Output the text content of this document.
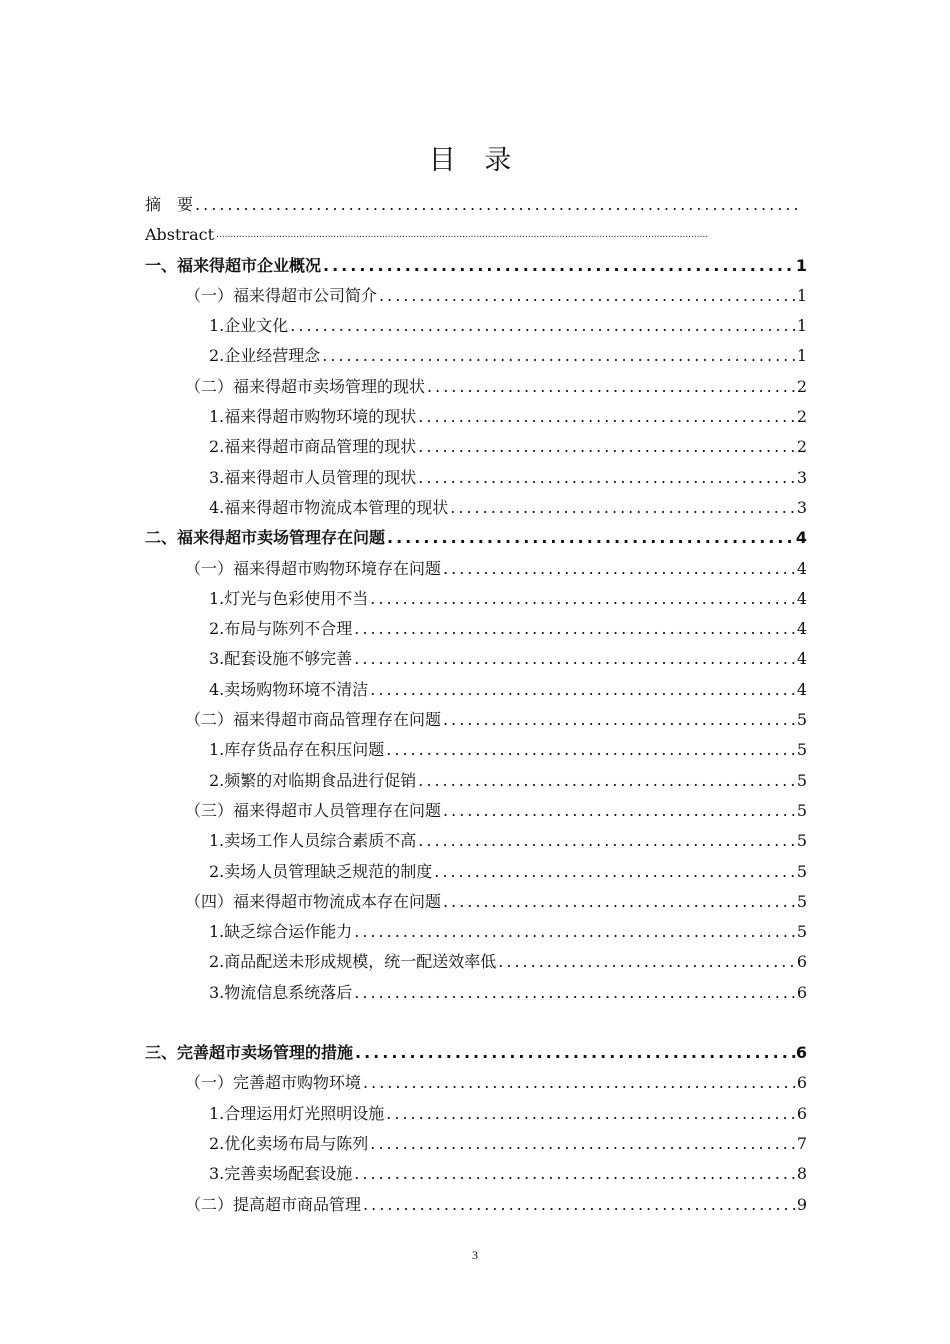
目 录
摘　要
.....
Abstract
.....
一、福来得超市企业概况 .....	1
（一）福来得超市公司简介 .....	1
1.企业文化 .....	1
2.企业经营理念 .....	1
（二）福来得超市卖场管理的现状 .....	2
1.福来得超市购物环境的现状 .....	2
2.福来得超市商品管理的现状 .....	2
3.福来得超市人员管理的现状 .....	3
4.福来得超市物流成本管理的现状 .....	3
二、福来得超市卖场管理存在问题 .....	4
（一）福来得超市购物环境存在问题 .....	4
1.灯光与色彩使用不当 .....	4
2.布局与陈列不合理 .....	4
3.配套设施不够完善 .....	4
4.卖场购物环境不清洁 .....	4
（二）福来得超市商品管理存在问题 .....	5
1.库存货品存在积压问题 .....	5
2.频繁的对临期食品进行促销 .....	5
（三）福来得超市人员管理存在问题 .....	5
1.卖场工作人员综合素质不高 .....	5
2.卖场人员管理缺乏规范的制度 .....	5
（四）福来得超市物流成本存在问题 .....	5
1.缺乏综合运作能力 .....	5
2.商品配送未形成规模，统一配送效率低 .....	6
3.物流信息系统落后 .....	6
三、完善超市卖场管理的措施 .....	6
（一）完善超市购物环境 .....	6
1.合理运用灯光照明设施 .....	6
2.优化卖场布局与陈列 .....	7
3.完善卖场配套设施 .....	8
（二）提高超市商品管理 .....	9
3
